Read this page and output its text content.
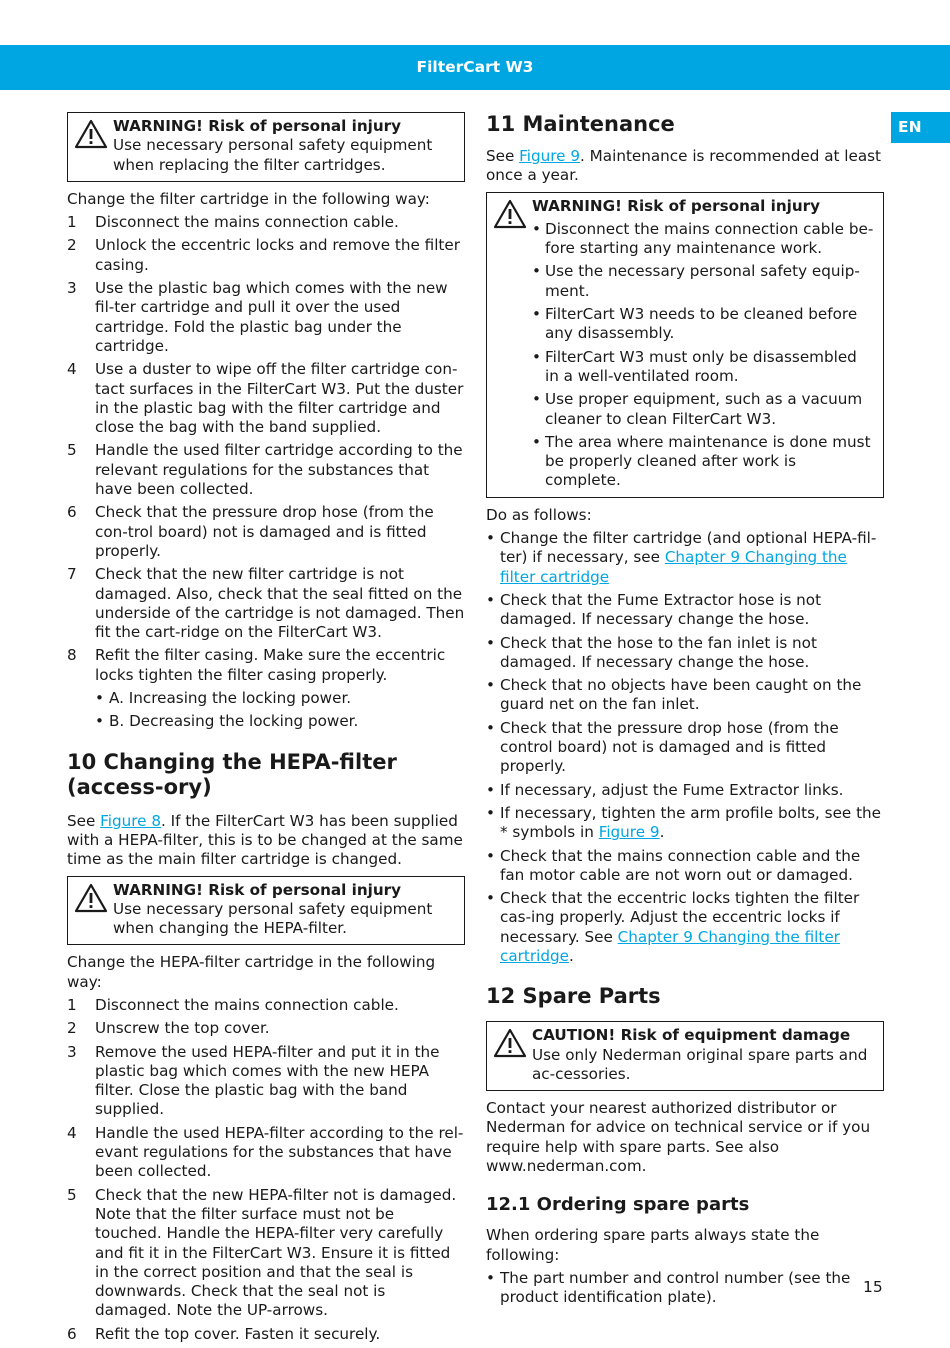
FilterCart W3
EN

WARNING! Risk of personal injury

Use necessary personal safety equipment when replacing the filter cartridges.

Change the filter cartridge in the following way:

1 Disconnect the mains connection cable.
2 Unlock the eccentric locks and remove the filter casing.
3 Use the plastic bag which comes with the new fil-ter cartridge and pull it over the used cartridge. Fold the plastic bag under the cartridge.
4 Use a duster to wipe off the filter cartridge con-tact surfaces in the FilterCart W3. Put the duster in the plastic bag with the filter cartridge and close the bag with the band supplied.
5 Handle the used filter cartridge according to the relevant regulations for the substances that have been collected.
6 Check that the pressure drop hose (from the con-trol board) not is damaged and is fitted properly.
7 Check that the new filter cartridge is not damaged. Also, check that the seal fitted on the underside of the cartridge is not damaged. Then fit the cart-ridge on the FilterCart W3.
8 Refit the filter casing. Make sure the eccentric locks tighten the filter casing properly.
• A. Increasing the locking power.
• B. Decreasing the locking power.
10 Changing the HEPA-filter (access-ory)

See Figure 8. If the FilterCart W3 has been supplied with a HEPA-filter, this is to be changed at the same time as the main filter cartridge is changed.

WARNING! Risk of personal injury

Use necessary personal safety equipment when changing the HEPA-filter.

Change the HEPA-filter cartridge in the following way:

1 Disconnect the mains connection cable.
2 Unscrew the top cover.
3 Remove the used HEPA-filter and put it in the plastic bag which comes with the new HEPA filter. Close the plastic bag with the band supplied.
4 Handle the used HEPA-filter according to the rel-evant regulations for the substances that have been collected.
5 Check that the new HEPA-filter not is damaged. Note that the filter surface must not be touched. Handle the HEPA-filter very carefully and fit it in the FilterCart W3. Ensure it is fitted in the correct position and that the seal is downwards. Check that the seal not is damaged. Note the UP-arrows.
6 Refit the top cover. Fasten it securely.
11 Maintenance

See Figure 9. Maintenance is recommended at least once a year.

WARNING! Risk of personal injury

• Disconnect the mains connection cable be-fore starting any maintenance work.
• Use the necessary personal safety equip-ment.
• FilterCart W3 needs to be cleaned before any disassembly.
• FilterCart W3 must only be disassembled in a well-ventilated room.
• Use proper equipment, such as a vacuum cleaner to clean FilterCart W3.
• The area where maintenance is done must be properly cleaned after work is complete.

Do as follows:

• Change the filter cartridge (and optional HEPA-fil-ter) if necessary, see Chapter 9 Changing the filter cartridge
• Check that the Fume Extractor hose is not damaged. If necessary change the hose.
• Check that the hose to the fan inlet is not damaged. If necessary change the hose.
• Check that no objects have been caught on the guard net on the fan inlet.
• Check that the pressure drop hose (from the control board) not is damaged and is fitted properly.
• If necessary, adjust the Fume Extractor links.
• If necessary, tighten the arm profile bolts, see the * symbols in Figure 9.
• Check that the mains connection cable and the fan motor cable are not worn out or damaged.
• Check that the eccentric locks tighten the filter cas-ing properly. Adjust the eccentric locks if necessary. See Chapter 9 Changing the filter cartridge.
12 Spare Parts

CAUTION! Risk of equipment damage

Use only Nederman original spare parts and ac-cessories.

Contact your nearest authorized distributor or Nederman for advice on technical service or if you require help with spare parts. See also www.nederman.com.

12.1 Ordering spare parts

When ordering spare parts always state the following:

• The part number and control number (see the product identification plate).
15
